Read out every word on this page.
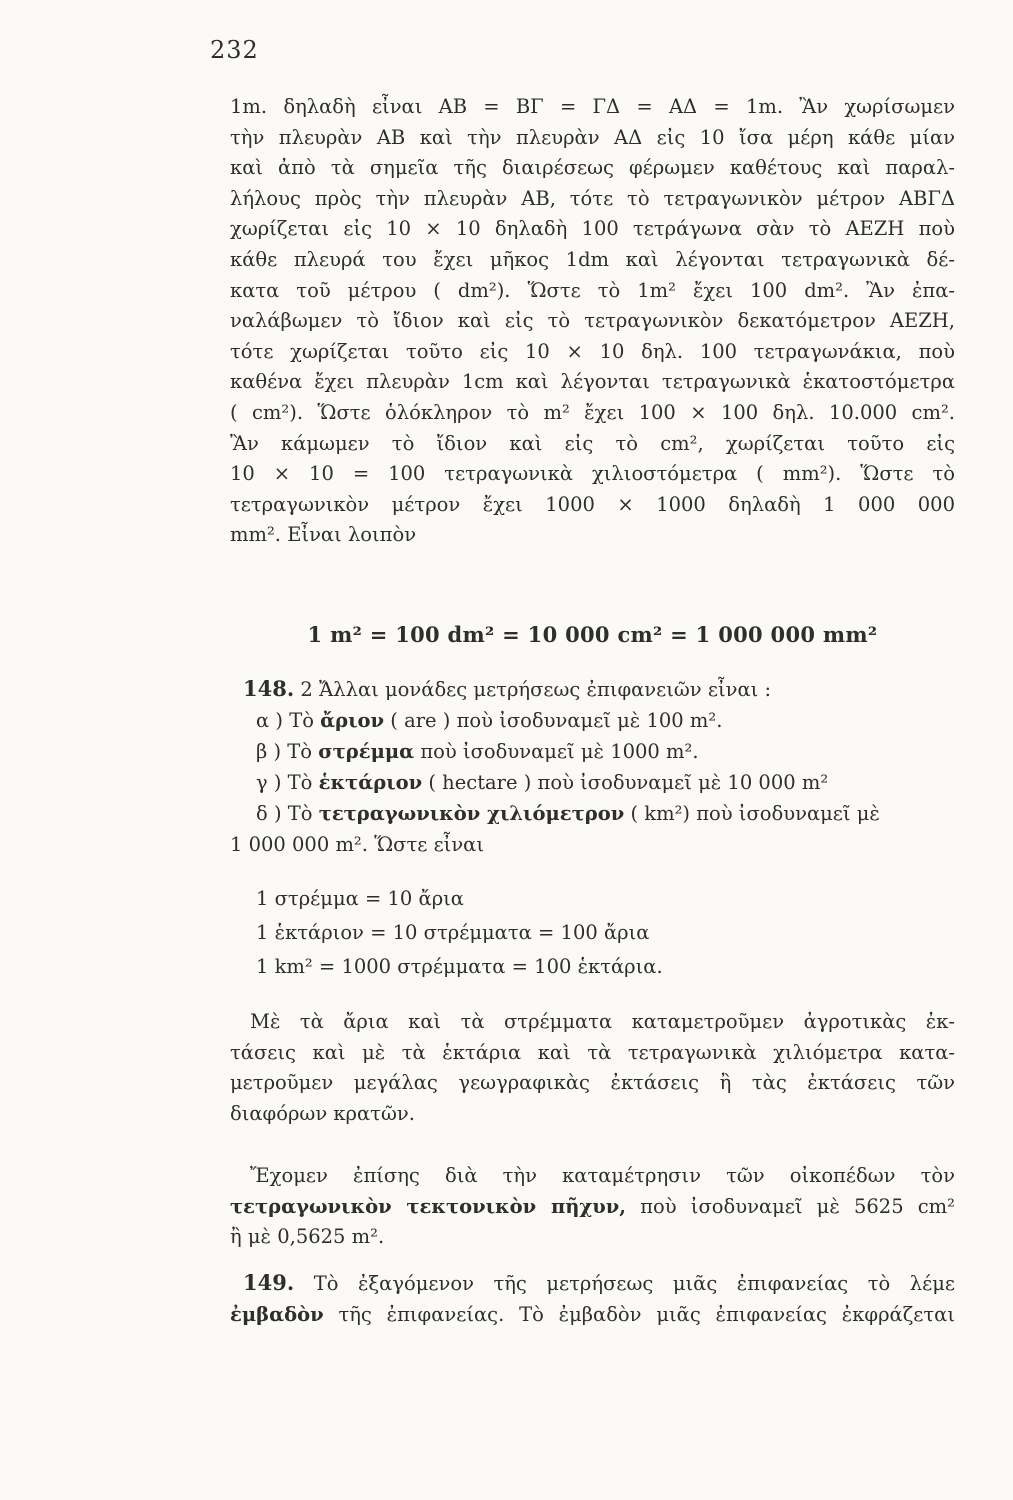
232

1m. δηλαδὴ εἶναι ΑΒ = ΒΓ = ΓΔ = ΑΔ = 1m. Ἂν χωρίσωμεν

τὴν πλευρὰν ΑΒ καὶ τὴν πλευρὰν ΑΔ εἰς 10 ἴσα μέρη κάθε μίαν

καὶ ἀπὸ τὰ σημεῖα τῆς διαιρέσεως φέρωμεν καθέτους καὶ παραλ-

λήλους πρὸς τὴν πλευρὰν ΑΒ, τότε τὸ τετραγωνικὸν μέτρον ΑΒΓΔ

χωρίζεται εἰς 10 × 10 δηλαδὴ 100 τετράγωνα σὰν τὸ ΑΕΖΗ ποὺ

κάθε πλευρά του ἔχει μῆκος 1dm καὶ λέγονται τετραγωνικὰ δέ-

κατα τοῦ μέτρου ( dm²). Ὥστε τὸ 1m² ἔχει 100 dm². Ἂν ἐπα-

ναλάβωμεν τὸ ἴδιον καὶ εἰς τὸ τετραγωνικὸν δεκατόμετρον ΑΕΖΗ,

τότε χωρίζεται τοῦτο εἰς 10 × 10 δηλ. 100 τετραγωνάκια, ποὺ

καθένα ἔχει πλευρὰν 1cm καὶ λέγονται τετραγωνικὰ ἑκατοστόμετρα

( cm²). Ὥστε ὁλόκληρον τὸ m² ἔχει 100 × 100 δηλ. 10.000 cm².

Ἂν κάμωμεν τὸ ἴδιον καὶ εἰς τὸ cm², χωρίζεται τοῦτο εἰς

10 × 10 = 100 τετραγωνικὰ χιλιοστόμετρα ( mm²). Ὥστε τὸ

τετραγωνικὸν μέτρον ἔχει 1000 × 1000 δηλαδὴ 1 000 000

mm². Εἶναι λοιπὸν

1 m² = 100 dm² = 10 000 cm² = 1 000 000 mm²
148. 2 Ἄλλαι μονάδες μετρήσεως ἐπιφανειῶν εἶναι :
α ) Τὸ ἄριον ( are ) ποὺ ἰσοδυναμεῖ μὲ 100 m².
β ) Τὸ στρέμμα ποὺ ἰσοδυναμεῖ μὲ 1000 m².
γ ) Τὸ ἑκτάριον ( hectare ) ποὺ ἰσοδυναμεῖ μὲ 10 000 m²
δ ) Τὸ τετραγωνικὸν χιλιόμετρον ( km²) ποὺ ἰσοδυναμεῖ μὲ
1 000 000 m². Ὥστε εἶναι
1 στρέμμα = 10 ἄρια
1 ἑκτάριον = 10 στρέμματα = 100 ἄρια
1 km² = 1000 στρέμματα = 100 ἑκτάρια.

Μὲ τὰ ἄρια καὶ τὰ στρέμματα καταμετροῦμεν ἀγροτικὰς ἐκ-

τάσεις καὶ μὲ τὰ ἑκτάρια καὶ τὰ τετραγωνικὰ χιλιόμετρα κατα-

μετροῦμεν μεγάλας γεωγραφικὰς ἐκτάσεις ἢ τὰς ἐκτάσεις τῶν

διαφόρων κρατῶν.

Ἔχομεν ἐπίσης διὰ τὴν καταμέτρησιν τῶν οἰκοπέδων τὸν

τετραγωνικὸν τεκτονικὸν πῆχυν, ποὺ ἰσοδυναμεῖ μὲ 5625 cm²

ἢ μὲ 0,5625 m².

149. Τὸ ἐξαγόμενον τῆς μετρήσεως μιᾶς ἐπιφανείας τὸ λέμε

ἐμβαδὸν τῆς ἐπιφανείας. Τὸ ἐμβαδὸν μιᾶς ἐπιφανείας ἐκφράζεται
